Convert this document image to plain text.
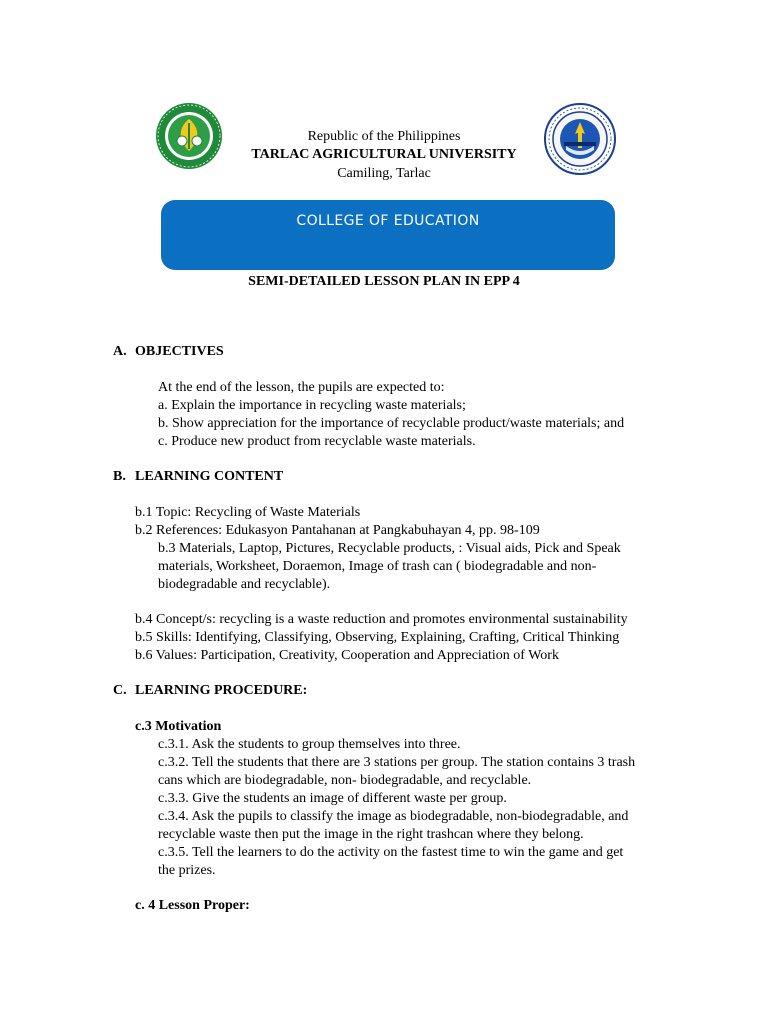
Republic of the Philippines
TARLAC AGRICULTURAL UNIVERSITY
Camiling, Tarlac
COLLEGE OF EDUCATION
SEMI-DETAILED LESSON PLAN IN EPP 4
A. OBJECTIVES
At the end of the lesson, the pupils are expected to:
a. Explain the importance in recycling waste materials;
b. Show appreciation for the importance of recyclable product/waste materials; and
c. Produce new product from recyclable waste materials.
B. LEARNING CONTENT
b.1 Topic: Recycling of Waste Materials
b.2 References: Edukasyon Pantahanan at Pangkabuhayan 4, pp. 98-109
b.3 Materials, Laptop, Pictures, Recyclable products, : Visual aids, Pick and Speak
materials, Worksheet, Doraemon, Image of trash can ( biodegradable and non-
biodegradable and recyclable).
b.4 Concept/s: recycling is a waste reduction and promotes environmental sustainability
b.5 Skills: Identifying, Classifying, Observing, Explaining, Crafting, Critical Thinking
b.6 Values: Participation, Creativity, Cooperation and Appreciation of Work
C. LEARNING PROCEDURE:
c.3 Motivation
c.3.1. Ask the students to group themselves into three.
c.3.2. Tell the students that there are 3 stations per group. The station contains 3 trash
cans which are biodegradable, non- biodegradable, and recyclable.
c.3.3. Give the students an image of different waste per group.
c.3.4. Ask the pupils to classify the image as biodegradable, non-biodegradable, and
recyclable waste then put the image in the right trashcan where they belong.
c.3.5. Tell the learners to do the activity on the fastest time to win the game and get
the prizes.
c. 4 Lesson Proper:
